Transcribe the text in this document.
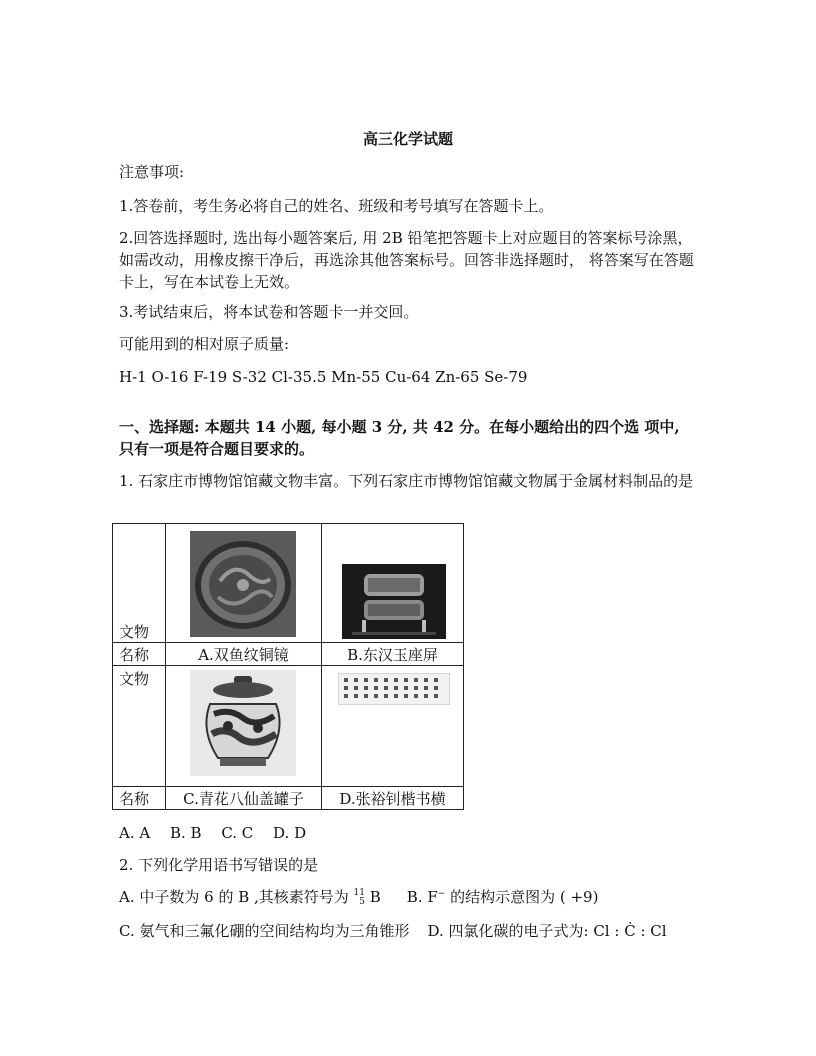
高三化学试题
注意事项:
1.答卷前，考生务必将自己的姓名、班级和考号填写在答题卡上。
2.回答选择题时, 选出每小题答案后, 用 2B 铅笔把答题卡上对应题目的答案标号涂黑，如需改动，用橡皮擦干净后，再选涂其他答案标号。回答非选择题时， 将答案写在答题卡上，写在本试卷上无效。
3.考试结束后，将本试卷和答题卡一并交回。
可能用到的相对原子质量:
H-1 O-16 F-19 S-32 Cl-35.5 Mn-55 Cu-64 Zn-65 Se-79
一、选择题: 本题共 14 小题, 每小题 3 分, 共 42 分。在每小题给出的四个选 项中, 只有一项是符合题目要求的。
1. 石家庄市博物馆馆藏文物丰富。下列石家庄市博物馆馆藏文物属于金属材料制品的是
文物	

名称	A.双鱼纹铜镜	B.东汉玉座屏
文物	

名称	C.青花八仙盖罐子	D.张裕钊楷书横
A. A　 B. B　 C. C　 D. D
2. 下列化学用语书写错误的是
A. 中子数为 6 的 B ,其核素符号为 11
5 B B. F− 的结构示意图为 ( +9)
C. 氨气和三氟化硼的空间结构均为三角锥形 D. 四氯化碳的电子式为: Cl : Ċ : Cl
